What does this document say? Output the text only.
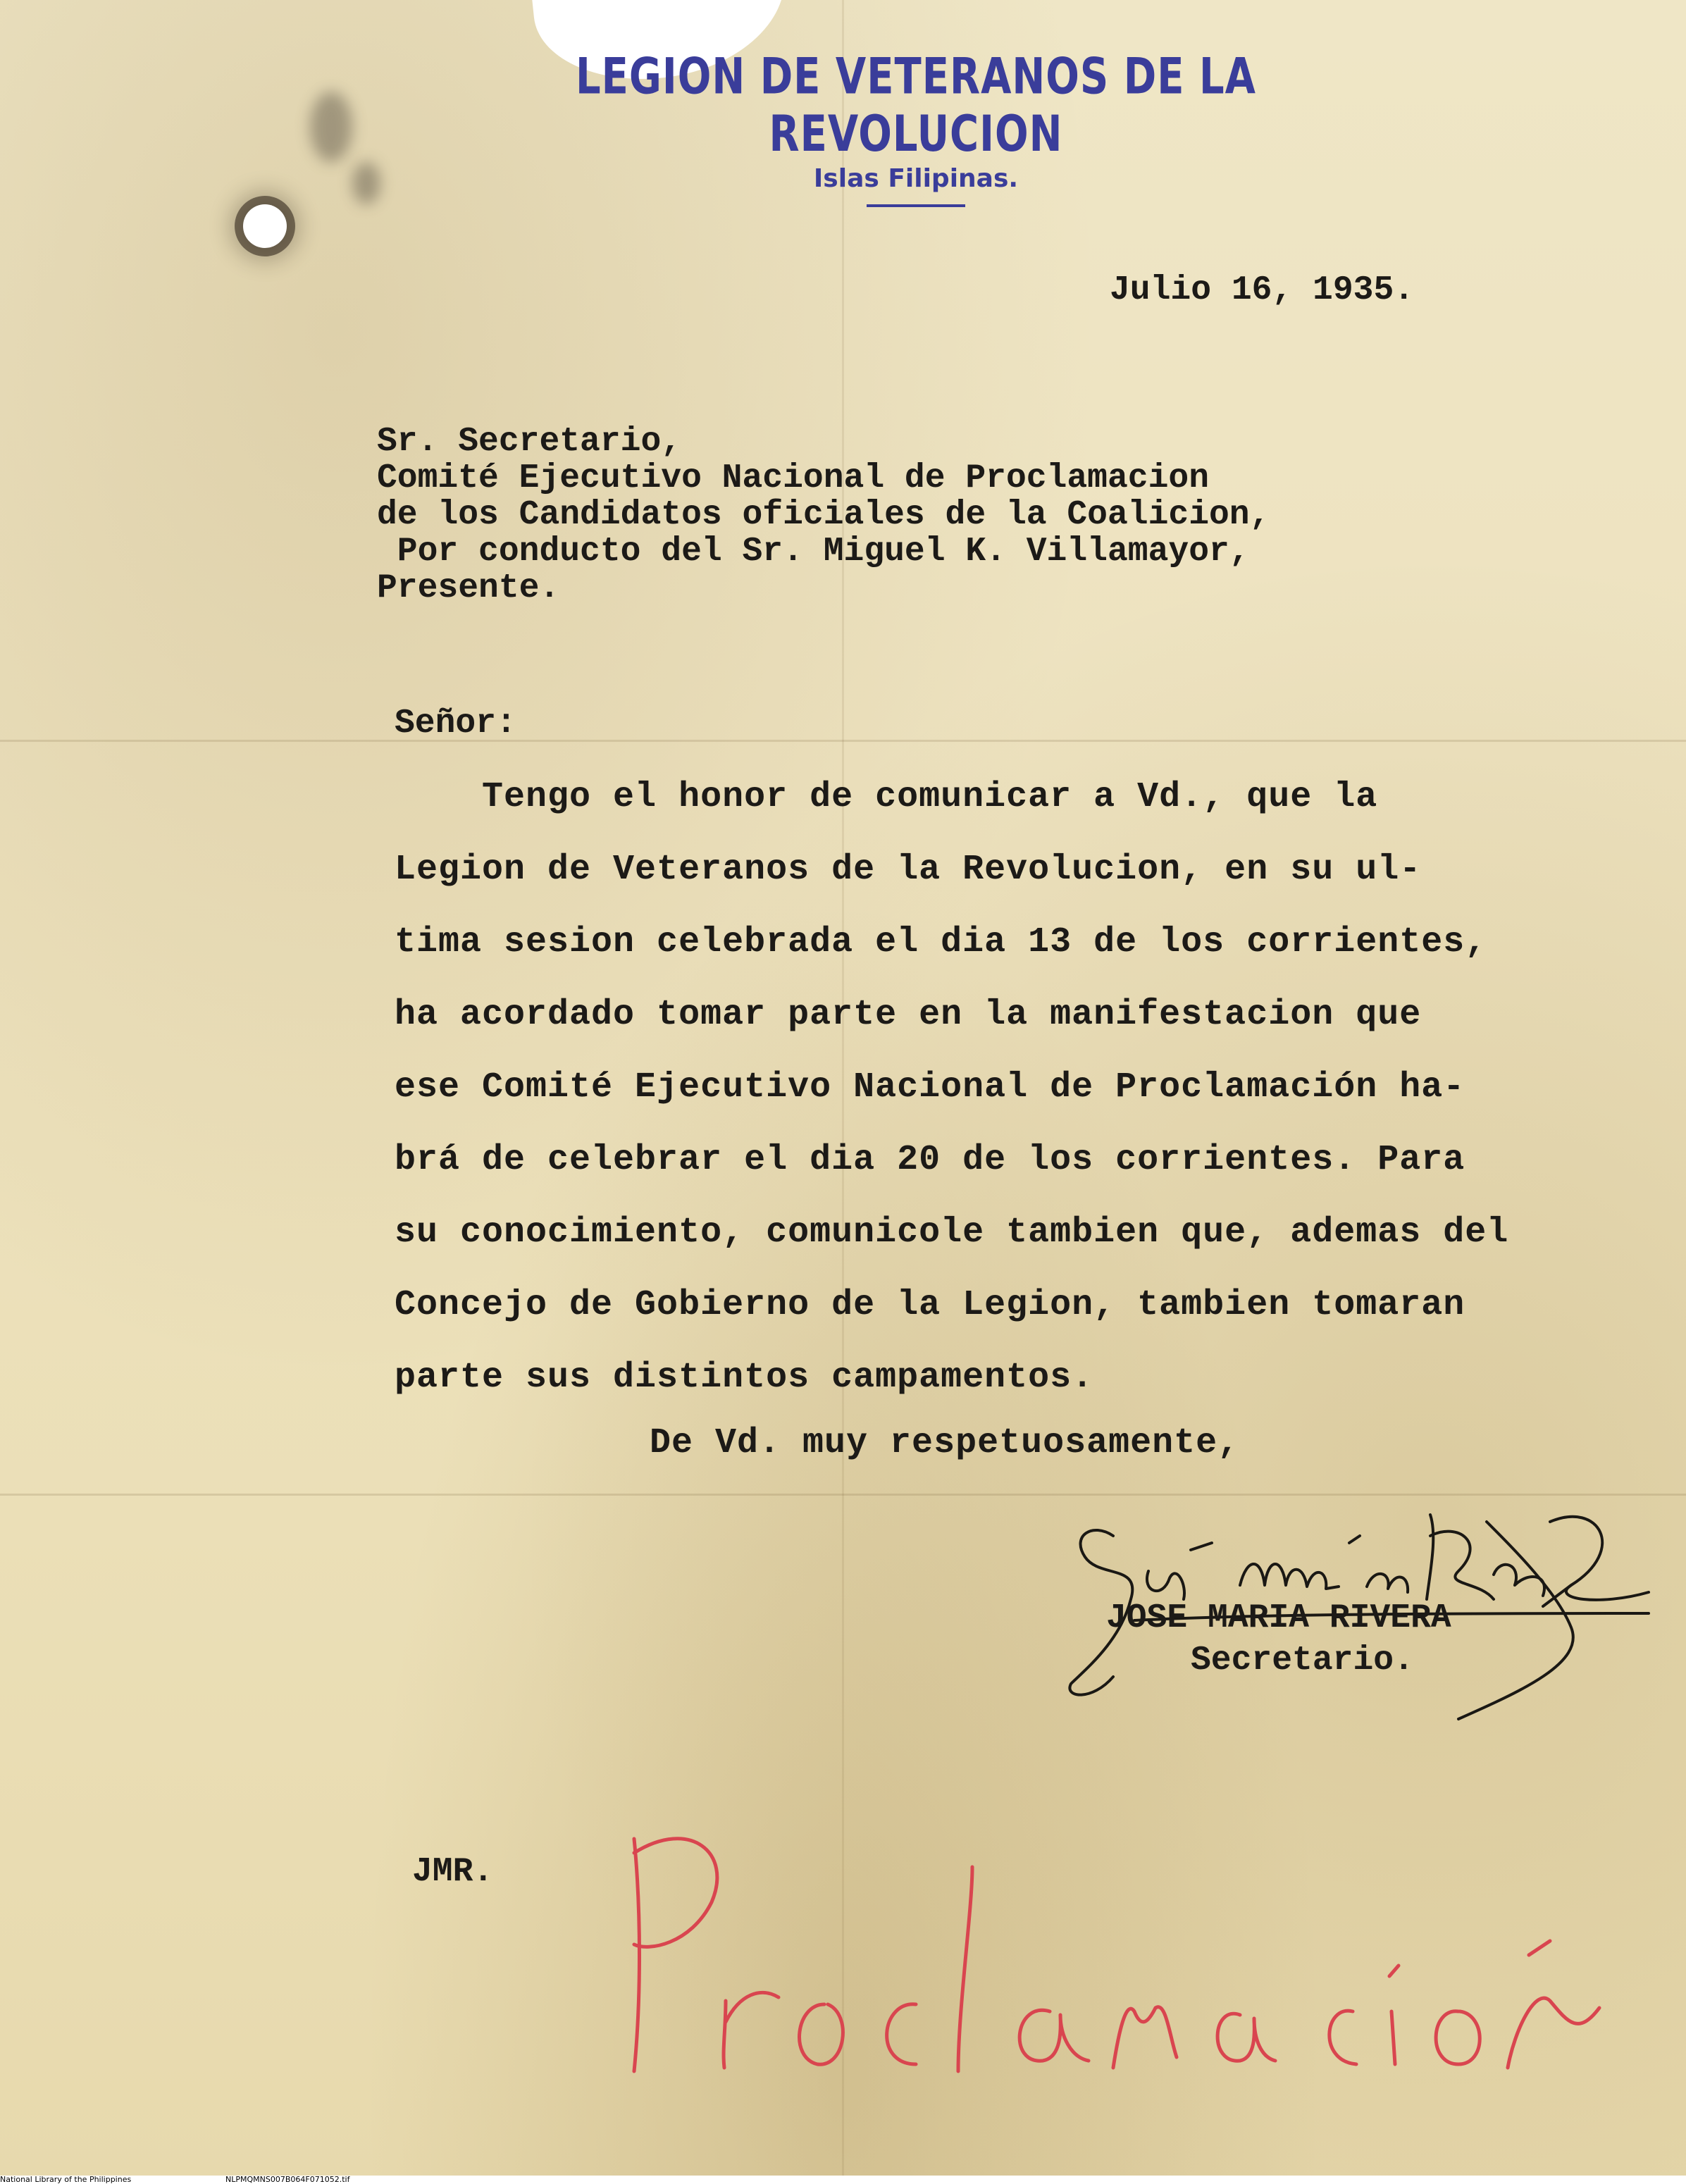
LEGION DE VETERANOS DE LA REVOLUCION
Islas Filipinas.
Julio 16, 1935.
Sr. Secretario,
Comité Ejecutivo Nacional de Proclamacion
de los Candidatos oficiales de la Coalicion,
Por conducto del Sr. Miguel K. Villamayor,
Presente.
Señor:
Tengo el honor de comunicar a Vd., que la
Legion de Veteranos de la Revolucion, en su ul-
tima sesion celebrada el dia 13 de los corrientes,
ha acordado tomar parte en la manifestacion que
ese Comité Ejecutivo Nacional de Proclamación ha-
brá de celebrar el dia 20 de los corrientes. Para
su conocimiento, comunicole tambien que, ademas del
Concejo de Gobierno de la Legion, tambien tomaran
parte sus distintos campamentos.
De Vd. muy respetuosamente,
JOSE MARIA RIVERA
Secretario.
JMR.
National Library of the Philippines	NLPMQMNS007B064F071052.tif
